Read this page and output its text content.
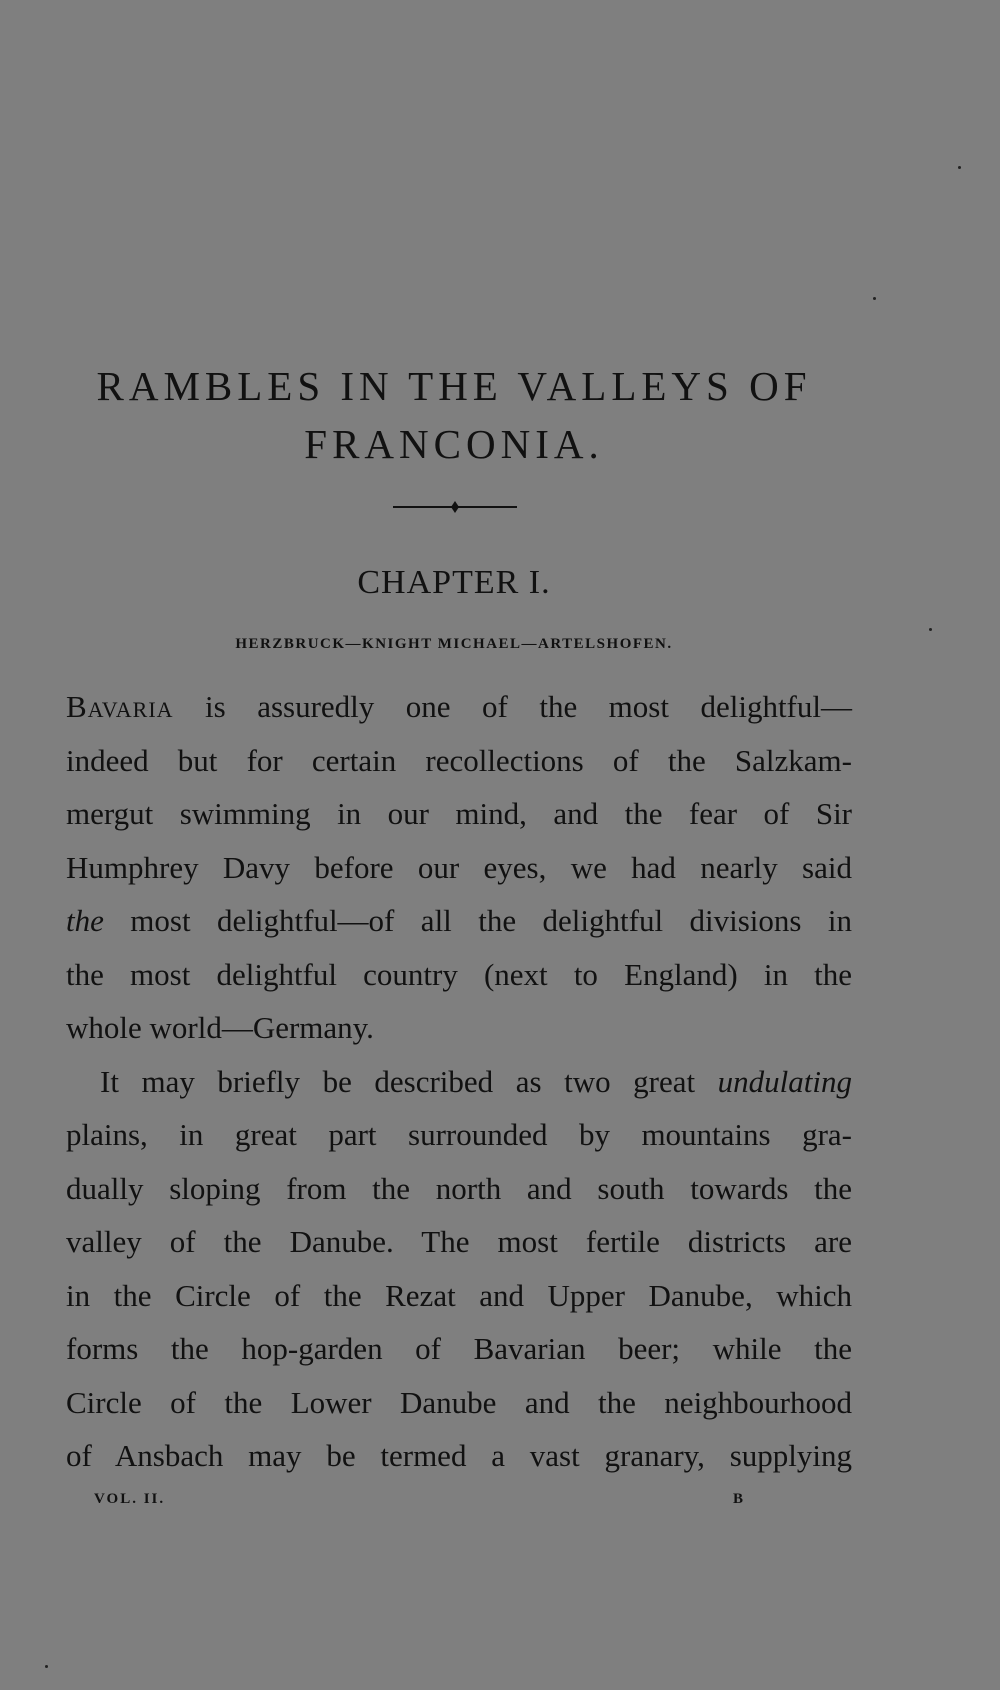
RAMBLES IN THE VALLEYS OF
FRANCONIA.
CHAPTER I.
HERZBRUCK—KNIGHT MICHAEL—ARTELSHOFEN.
Bavaria is assuredly one of the most delightful—
indeed but for certain recollections of the Salzkam-
mergut swimming in our mind, and the fear of Sir
Humphrey Davy before our eyes, we had nearly said
the most delightful—of all the delightful divisions in
the most delightful country (next to England) in the
whole world—Germany.
It may briefly be described as two great undulating
plains, in great part surrounded by mountains gra-
dually sloping from the north and south towards the
valley of the Danube. The most fertile districts are
in the Circle of the Rezat and Upper Danube, which
forms the hop-garden of Bavarian beer; while the
Circle of the Lower Danube and the neighbourhood
of Ansbach may be termed a vast granary, supplying
VOL. II.	B
